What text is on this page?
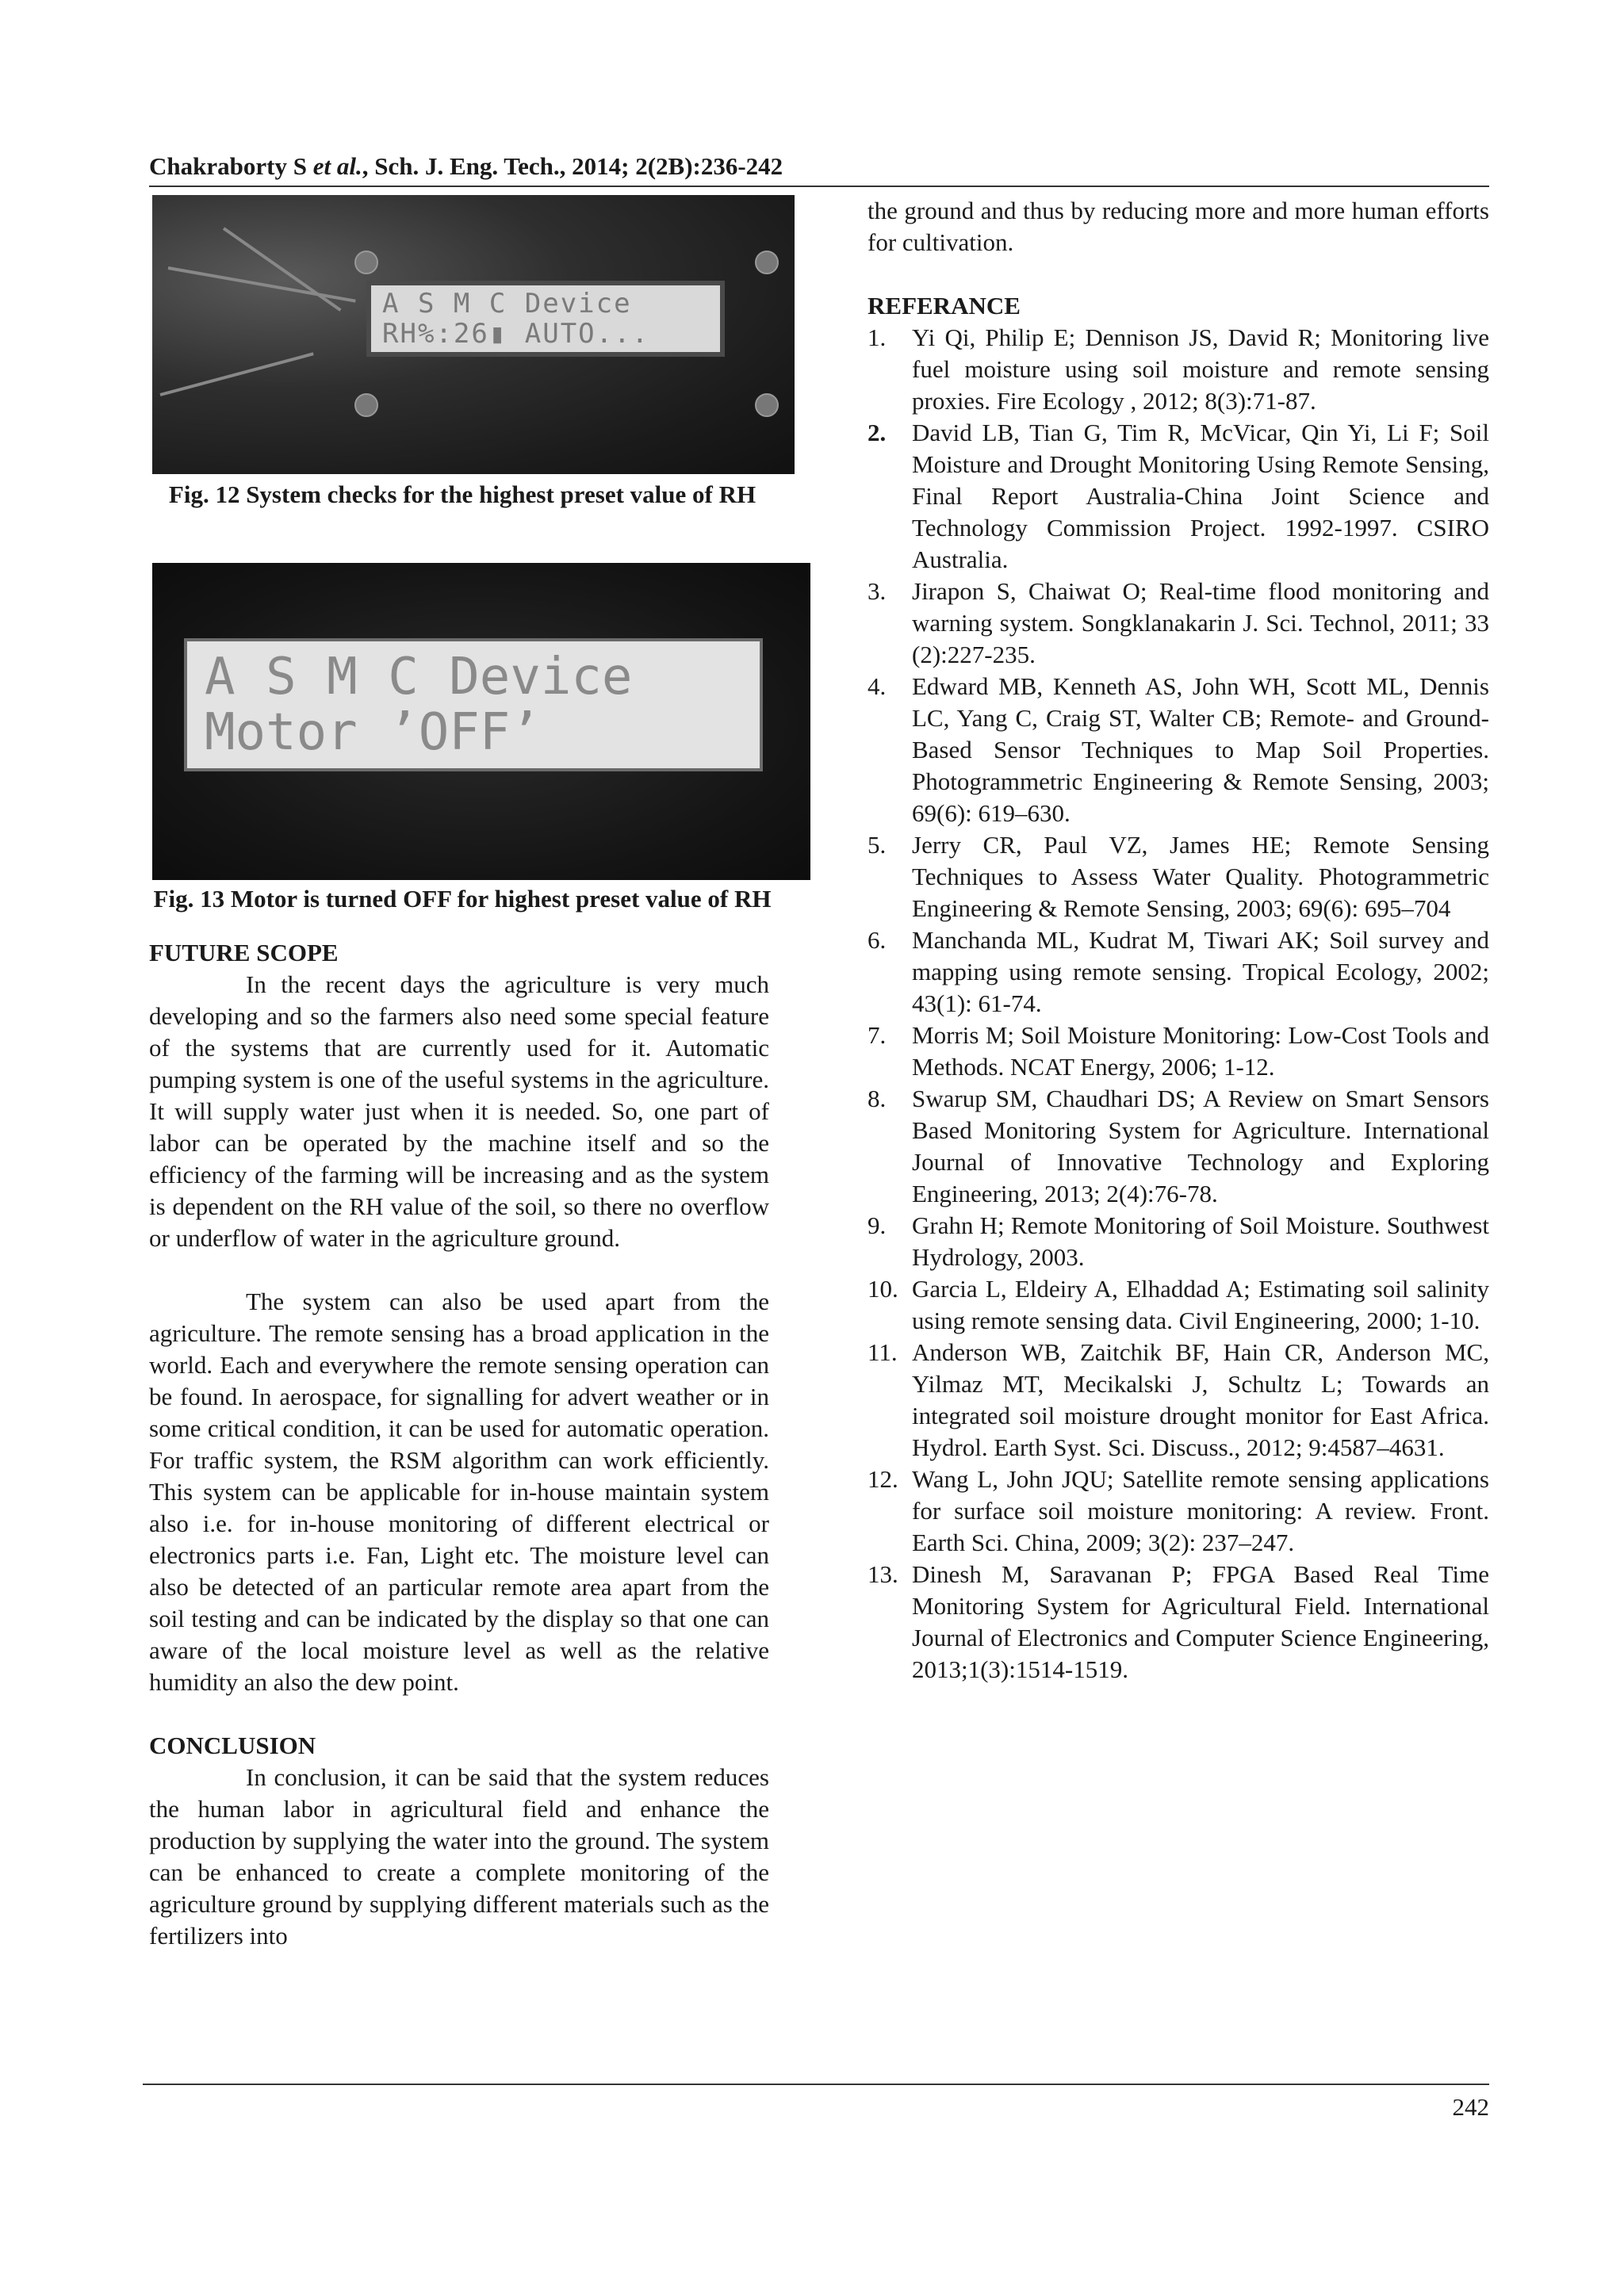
Chakraborty S et al., Sch. J. Eng. Tech., 2014; 2(2B):236-242
A S M C Device
RH%:26▮ AUTO...
Fig. 12 System checks for the highest preset value of RH
A S M C Device
Motor ’OFF’
Fig. 13 Motor is turned OFF for highest preset value of RH
FUTURE SCOPE

In the recent days the agriculture is very much developing and so the farmers also need some special feature of the systems that are currently used for it. Automatic pumping system is one of the useful systems in the agriculture. It will supply water just when it is needed. So, one part of labor can be operated by the machine itself and so the efficiency of the farming will be increasing and as the system is dependent on the RH value of the soil, so there no overflow or underflow of water in the agriculture ground.

The system can also be used apart from the agriculture. The remote sensing has a broad application in the world. Each and everywhere the remote sensing operation can be found. In aerospace, for signalling for advert weather or in some critical condition, it can be used for automatic operation. For traffic system, the RSM algorithm can work efficiently. This system can be applicable for in-house maintain system also i.e. for in-house monitoring of different electrical or electronics parts i.e. Fan, Light etc. The moisture level can also be detected of an particular remote area apart from the soil testing and can be indicated by the display so that one can aware of the local moisture level as well as the relative humidity an also the dew point.

CONCLUSION

In conclusion, it can be said that the system reduces the human labor in agricultural field and enhance the production by supplying the water into the ground. The system can be enhanced to create a complete monitoring of the agriculture ground by supplying different materials such as the fertilizers into

the ground and thus by reducing more and more human efforts for cultivation.

REFERANCE
1. Yi Qi, Philip E; Dennison JS, David R; Monitoring live fuel moisture using soil moisture and remote sensing proxies. Fire Ecology , 2012; 8(3):71-87.
2. David LB, Tian G, Tim R, McVicar, Qin Yi, Li F; Soil Moisture and Drought Monitoring Using Remote Sensing, Final Report Australia-China Joint Science and Technology Commission Project. 1992-1997. CSIRO Australia.
3. Jirapon S, Chaiwat O; Real-time flood monitoring and warning system. Songklanakarin J. Sci. Technol, 2011; 33 (2):227-235.
4. Edward MB, Kenneth AS, John WH, Scott ML, Dennis LC, Yang C, Craig ST, Walter CB; Remote- and Ground-Based Sensor Techniques to Map Soil Properties. Photogrammetric Engineering & Remote Sensing, 2003; 69(6): 619–630.
5. Jerry CR, Paul VZ, James HE; Remote Sensing Techniques to Assess Water Quality. Photogrammetric Engineering & Remote Sensing, 2003; 69(6): 695–704
6. Manchanda ML, Kudrat M, Tiwari AK; Soil survey and mapping using remote sensing. Tropical Ecology, 2002; 43(1): 61-74.
7. Morris M; Soil Moisture Monitoring: Low-Cost Tools and Methods. NCAT Energy, 2006; 1-12.
8. Swarup SM, Chaudhari DS; A Review on Smart Sensors Based Monitoring System for Agriculture. International Journal of Innovative Technology and Exploring Engineering, 2013; 2(4):76-78.
9. Grahn H; Remote Monitoring of Soil Moisture. Southwest Hydrology, 2003.
10. Garcia L, Eldeiry A, Elhaddad A; Estimating soil salinity using remote sensing data. Civil Engineering, 2000; 1-10.
11. Anderson WB, Zaitchik BF, Hain CR, Anderson MC, Yilmaz MT, Mecikalski J, Schultz L; Towards an integrated soil moisture drought monitor for East Africa. Hydrol. Earth Syst. Sci. Discuss., 2012; 9:4587–4631.
12. Wang L, John JQU; Satellite remote sensing applications for surface soil moisture monitoring: A review. Front. Earth Sci. China, 2009; 3(2): 237–247.
13. Dinesh M, Saravanan P; FPGA Based Real Time Monitoring System for Agricultural Field. International Journal of Electronics and Computer Science Engineering, 2013;1(3):1514-1519.
242
